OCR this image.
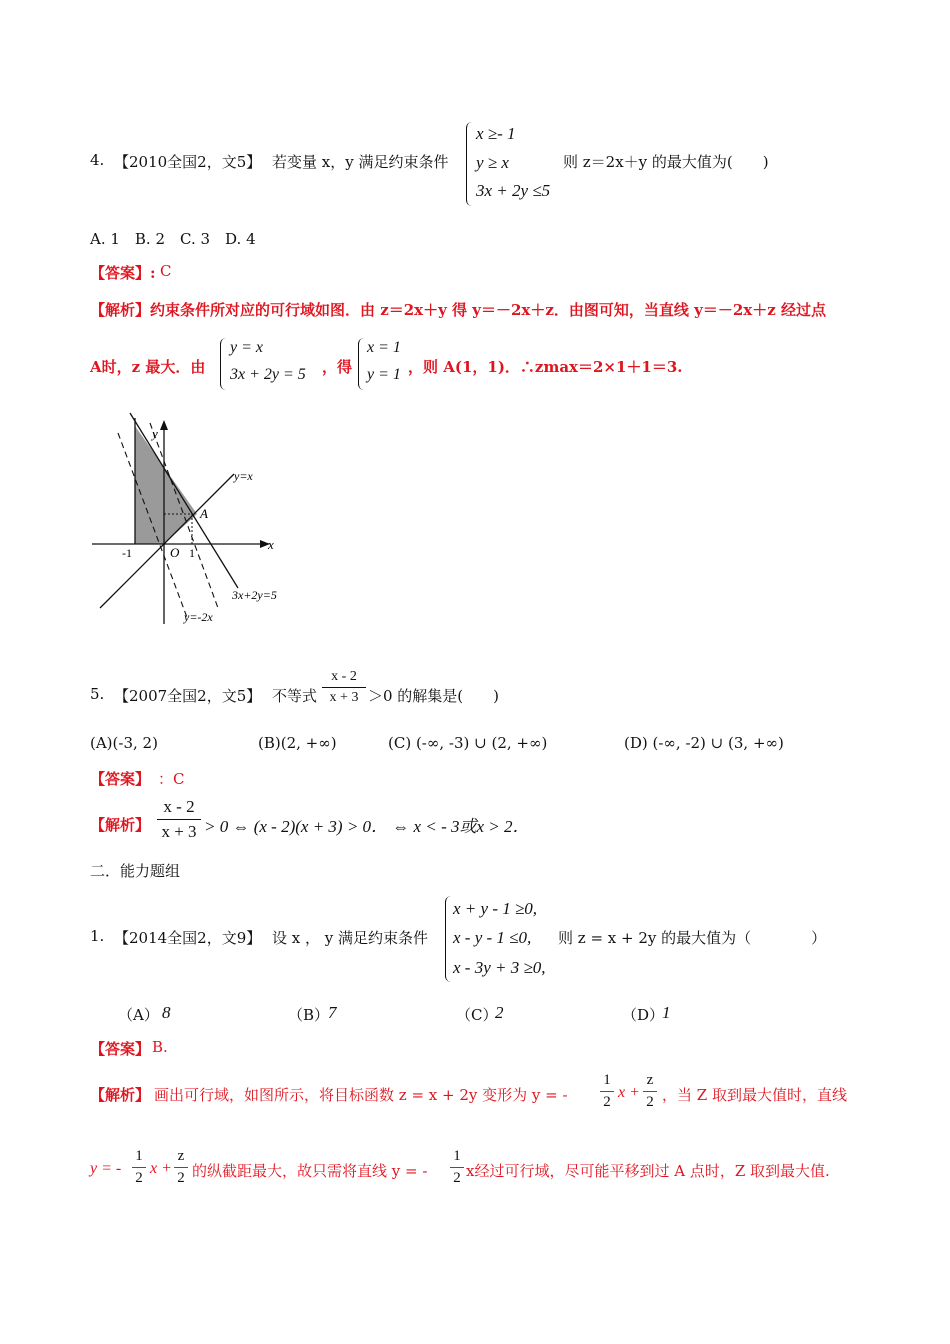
4. 【2010全国2，文5】 若变量 x，y 满足约束条件
x ≥- 1
y ≥ x
3x + 2y ≤5
则 z＝2x＋y 的最大值为(　　)
A. 1　B. 2　C. 3　D. 4
【答案】: C
【解析】约束条件所对应的可行域如图．由 z＝2x＋y 得 y＝－2x＋z．由图可知，当直线 y＝－2x＋z 经过点
A时，z 最大．由
y = x
3x + 2y = 5 ，得
x = 1
y = 1 ，则 A(1，1)．∴zmax＝2×1＋1＝3.
y
x
y=x
A
O
-1	1
3x+2y=5
y=-2x
5. 【2007全国2，文5】 不等式
x - 2
x + 3 ＞0 的解集是(　　)
(A)(-3, 2)	(B)(2, +∞)	(C) (-∞, -3) ∪ (2, +∞)	(D) (-∞, -2) ∪ (3, +∞)
【答案】 ：C
【解析】
x - 2
x + 3 > 0 ⇔ (x - 2)(x + 3) > 0． ⇔ x < - 3或x > 2．
二．能力题组
1. 【2014全国2，文9】 设 x ， y 满足约束条件
x + y - 1 ≥0,
x - y - 1 ≤0,
x - 3y + 3 ≥0,
则 z = x + 2y 的最大值为（　　　　）
（A） 8	（B）
7	（C）
2	（D）
1
【答案】 B.
【解析】 画出可行域，如图所示，将目标函数 z = x + 2y 变形为 y = -
1
2
x +
z
2 ，当 Z 取到最大值时，直线
y = -
1
2
x +
z
2 的纵截距最大，故只需将直线 y = -
1
2 x经过可行域，尽可能平移到过 A 点时，Z 取到最大值.
